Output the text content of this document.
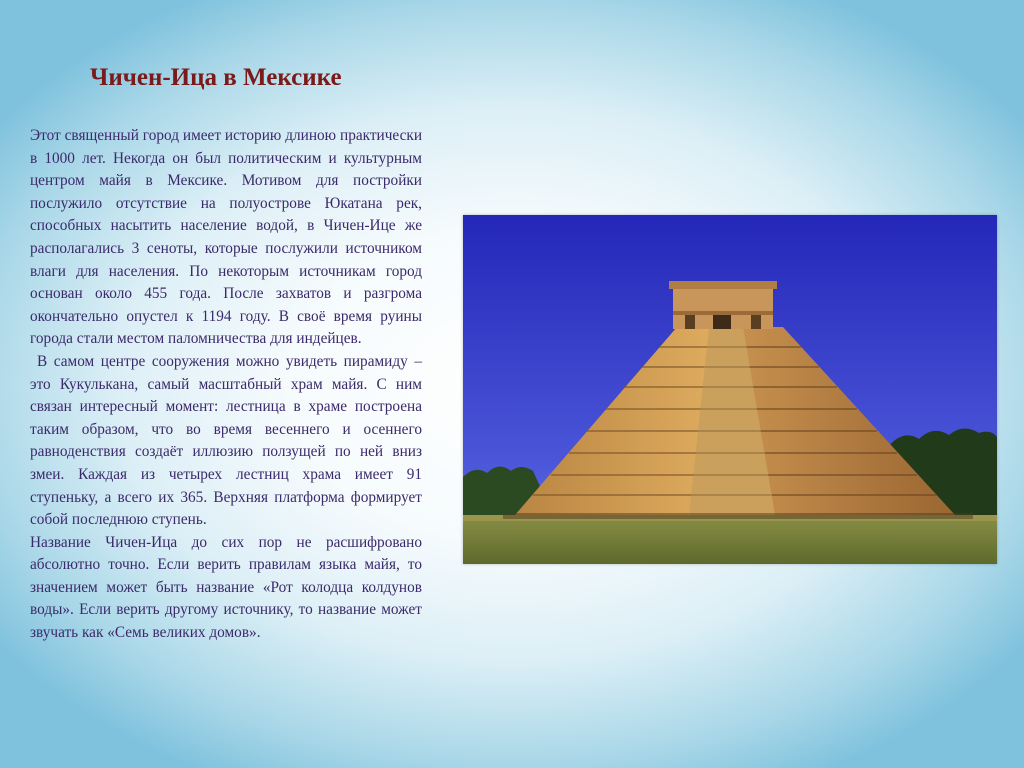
Чичен-Ица в Мексике

Этот священный город имеет историю длиною практически в 1000 лет. Некогда он был политическим и культурным центром майя в Мексике. Мотивом для постройки послужило отсутствие на полуострове Юкатана рек, способных насытить население водой, в Чичен-Ице же располагались 3 сеноты, которые послужили источником влаги для населения. По некоторым источникам город основан около 455 года. После захватов и разгрома окончательно опустел к 1194 году. В своё время руины города стали местом паломничества для индейцев.

В самом центре сооружения можно увидеть пирамиду – это Кукулькана, самый масштабный храм майя. С ним связан интересный момент: лестница в храме построена таким образом, что во время весеннего и осеннего равноденствия создаёт иллюзию ползущей по ней вниз змеи. Каждая из четырех лестниц храма имеет 91 ступеньку, а всего их 365. Верхняя платформа формирует собой последнюю ступень.

Название Чичен-Ица до сих пор не расшифровано абсолютно точно. Если верить правилам языка майя, то значением может быть название «Рот колодца колдунов воды». Если верить другому источнику, то название может звучать как «Семь великих домов».
